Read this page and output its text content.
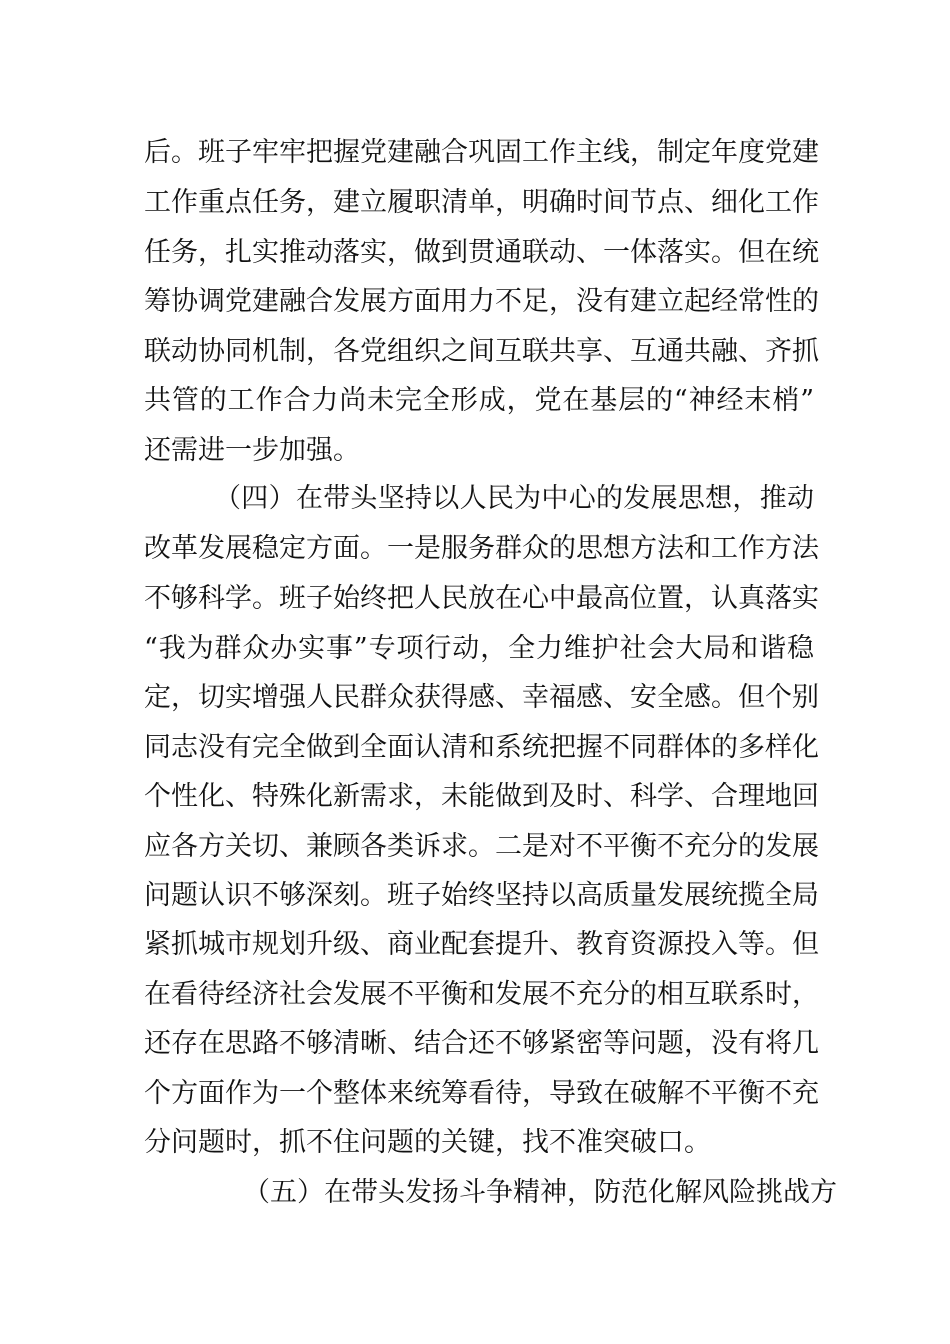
后。班子牢牢把握党建融合巩固工作主线，制定年度党建
工作重点任务，建立履职清单，明确时间节点、细化工作
任务，扎实推动落实，做到贯通联动、一体落实。但在统
筹协调党建融合发展方面用力不足，没有建立起经常性的
联动协同机制，各党组织之间互联共享、互通共融、齐抓
共管的工作合力尚未完全形成，党在基层的“神经末梢”
还需进一步加强。
（四）在带头坚持以人民为中心的发展思想，推动
改革发展稳定方面。一是服务群众的思想方法和工作方法
不够科学。班子始终把人民放在心中最高位置，认真落实
“我为群众办实事”专项行动，全力维护社会大局和谐稳
定，切实增强人民群众获得感、幸福感、安全感。但个别
同志没有完全做到全面认清和系统把握不同群体的多样化
个性化、特殊化新需求，未能做到及时、科学、合理地回
应各方关切、兼顾各类诉求。二是对不平衡不充分的发展
问题认识不够深刻。班子始终坚持以高质量发展统揽全局
紧抓城市规划升级、商业配套提升、教育资源投入等。但
在看待经济社会发展不平衡和发展不充分的相互联系时，
还存在思路不够清晰、结合还不够紧密等问题，没有将几
个方面作为一个整体来统筹看待，导致在破解不平衡不充
分问题时，抓不住问题的关键，找不准突破口。
（五）在带头发扬斗争精神，防范化解风险挑战方
